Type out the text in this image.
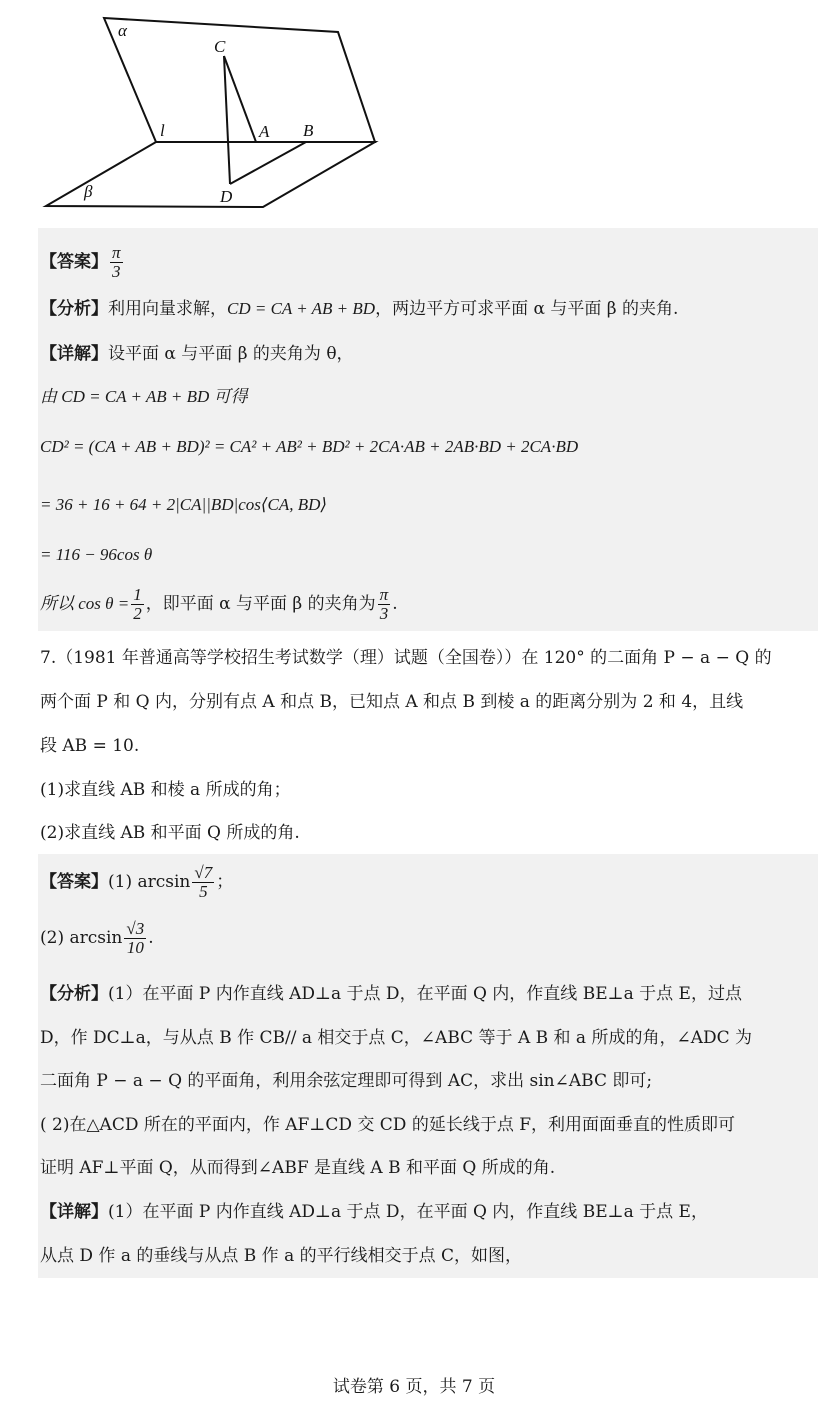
α
C
l	A B
β	D
【答案】 $\frac{\pi}{3}$
【分析】利用向量求解，CD = CA + AB + BD，两边平方可求平面 α 与平面 β 的夹角.
【详解】设平面 α 与平面 β 的夹角为 θ，
由 CD = CA + AB + BD 可得
CD² = (CA + AB + BD)² = CA² + AB² + BD² + 2CA·AB + 2AB·BD + 2CA·BD
= 36 + 16 + 64 + 2|CA||BD|cos⟨CA, BD⟩
= 116 − 96cos θ
所以 $\cos \theta = \frac{1}{2}$ ，即平面 α 与平面 β 的夹角为 $\frac{\pi}{3}$ .
7.（1981 年普通高等学校招生考试数学（理）试题（全国卷））在 120° 的二面角 P − a − Q 的
两个面 P 和 Q 内，分别有点 A 和点 B，已知点 A 和点 B 到棱 a 的距离分别为 2 和 4，且线
段 AB = 10.
(1)求直线 AB 和棱 a 所成的角；
(2)求直线 AB 和平面 Q 所成的角.
【答案】(1) $\arcsin \frac{√7}{5}$ ；
(2) $\arcsin \frac{√3}{10}$ .
【分析】(1）在平面 P 内作直线 AD⊥a 于点 D，在平面 Q 内，作直线 BE⊥a 于点 E，过点
D，作 DC⊥a，与从点 B 作 CB// a 相交于点 C，∠ABC 等于 A B 和 a 所成的角，∠ADC 为
二面角 P − a − Q 的平面角，利用余弦定理即可得到 AC，求出 sin∠ABC 即可;
( 2)在△ACD 所在的平面内，作 AF⊥CD 交 CD 的延长线于点 F，利用面面垂直的性质即可
证明 AF⊥平面 Q，从而得到∠ABF 是直线 A B 和平面 Q 所成的角.
【详解】(1）在平面 P 内作直线 AD⊥a 于点 D，在平面 Q 内，作直线 BE⊥a 于点 E，
从点 D 作 a 的垂线与从点 B 作 a 的平行线相交于点 C，如图，
试卷第 6 页，共 7 页
